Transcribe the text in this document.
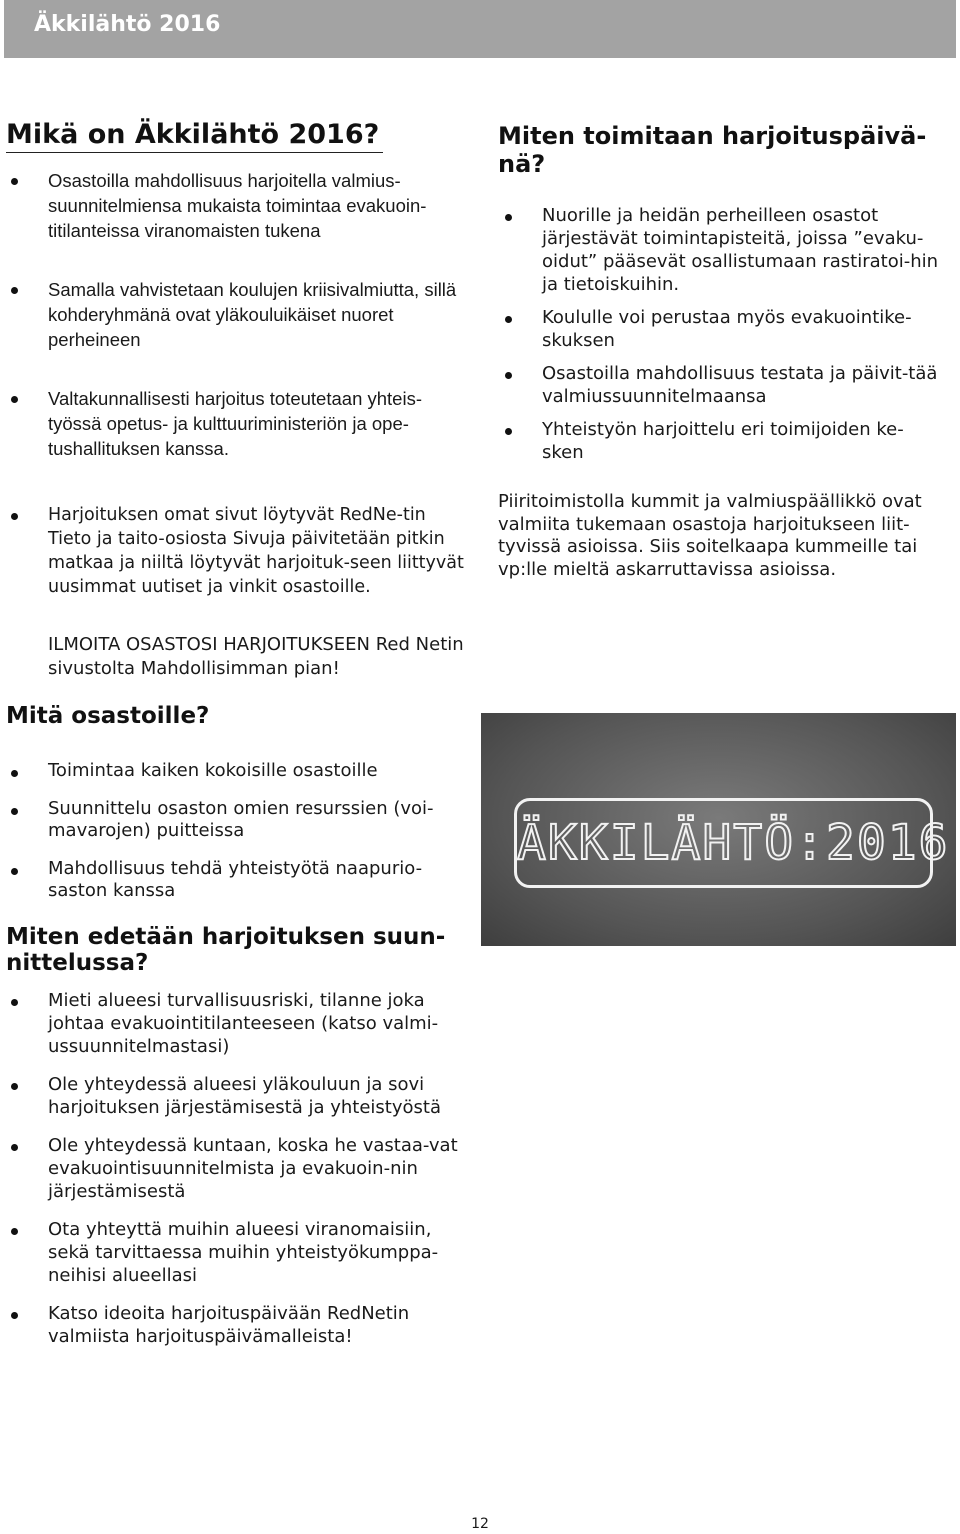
Äkkilähtö 2016
Mikä on Äkkilähtö 2016?
Osastoilla mahdollisuus harjoitella valmius-suunnitelmiensa mukaista toimintaa evakuoin-titilanteissa viranomaisten tukena
Samalla vahvistetaan koulujen kriisivalmiutta, sillä kohderyhmänä ovat yläkouluikäiset nuoret perheineen
Valtakunnallisesti harjoitus toteutetaan yhteis-työssä opetus- ja kulttuuriministeriön ja ope-tushallituksen kanssa.
Harjoituksen omat sivut löytyvät RedNe-tin Tieto ja taito-osiosta Sivuja päivitetään pitkin matkaa ja niiltä löytyvät harjoituk-seen liittyvät uusimmat uutiset ja vinkit osastoille.

ILMOITA OSASTOSI HARJOITUKSEEN Red Netin sivustolta Mahdollisimman pian!

Mitä osastoille?
Toimintaa kaiken kokoisille osastoille
Suunnittelu osaston omien resurssien (voi-mavarojen) puitteissa
Mahdollisuus tehdä yhteistyötä naapurio-saston kanssa
Miten edetään harjoituksen suun-nittelussa?
Mieti alueesi turvallisuusriski, tilanne joka johtaa evakuointitilanteeseen (katso valmi-ussuunnitelmastasi)
Ole yhteydessä alueesi yläkouluun ja sovi harjoituksen järjestämisestä ja yhteistyöstä
Ole yhteydessä kuntaan, koska he vastaa-vat evakuointisuunnitelmista ja evakuoin-nin järjestämisestä
Ota yhteyttä muihin alueesi viranomaisiin, sekä tarvittaessa muihin yhteistyökumppa-neihisi alueellasi
Katso ideoita harjoituspäivään RedNetin valmiista harjoituspäivämalleista!
Miten toimitaan harjoituspäivä-nä?
Nuorille ja heidän perheilleen osastot järjestävät toimintapisteitä, joissa ”evaku-oidut” pääsevät osallistumaan rastiratoi-hin ja tietoiskuihin.
Koululle voi perustaa myös evakuointike-skuksen
Osastoilla mahdollisuus testata ja päivit-tää valmiussuunnitelmaansa
Yhteistyön harjoittelu eri toimijoiden ke-sken

Piiritoimistolla kummit ja valmiuspäällikkö ovat valmiita tukemaan osastoja harjoitukseen liit-tyvissä asioissa. Siis soitelkaapa kummeille tai vp:lle mieltä askarruttavissa asioissa.

ÄKKILÄHTÖ:2016
12
